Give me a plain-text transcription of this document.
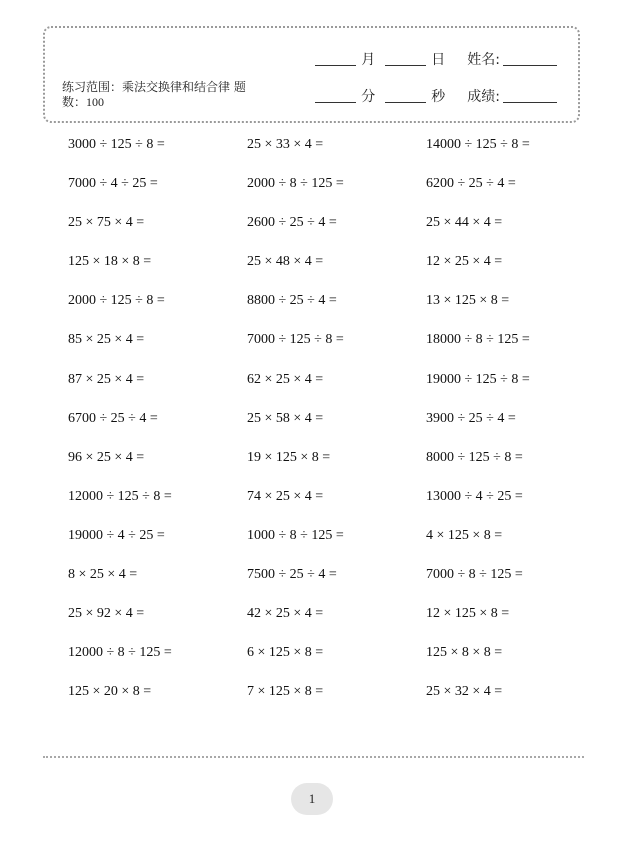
练习范围：乘法交换律和结合律 题数：100
月	日 姓名:
分	秒 成绩:
3000 ÷ 125 ÷ 8 =	25 × 33 × 4 =	14000 ÷ 125 ÷ 8 =
7000 ÷ 4 ÷ 25 =	2000 ÷ 8 ÷ 125 =	6200 ÷ 25 ÷ 4 =
25 × 75 × 4 =	2600 ÷ 25 ÷ 4 =	25 × 44 × 4 =
125 × 18 × 8 =	25 × 48 × 4 =	12 × 25 × 4 =
2000 ÷ 125 ÷ 8 =	8800 ÷ 25 ÷ 4 =	13 × 125 × 8 =
85 × 25 × 4 =	7000 ÷ 125 ÷ 8 =	18000 ÷ 8 ÷ 125 =
87 × 25 × 4 =	62 × 25 × 4 =	19000 ÷ 125 ÷ 8 =
6700 ÷ 25 ÷ 4 =	25 × 58 × 4 =	3900 ÷ 25 ÷ 4 =
96 × 25 × 4 =	19 × 125 × 8 =	8000 ÷ 125 ÷ 8 =
12000 ÷ 125 ÷ 8 =	74 × 25 × 4 =	13000 ÷ 4 ÷ 25 =
19000 ÷ 4 ÷ 25 =	1000 ÷ 8 ÷ 125 =	4 × 125 × 8 =
8 × 25 × 4 =	7500 ÷ 25 ÷ 4 =	7000 ÷ 8 ÷ 125 =
25 × 92 × 4 =	42 × 25 × 4 =	12 × 125 × 8 =
12000 ÷ 8 ÷ 125 =	6 × 125 × 8 =	125 × 8 × 8 =
125 × 20 × 8 =	7 × 125 × 8 =	25 × 32 × 4 =
1
